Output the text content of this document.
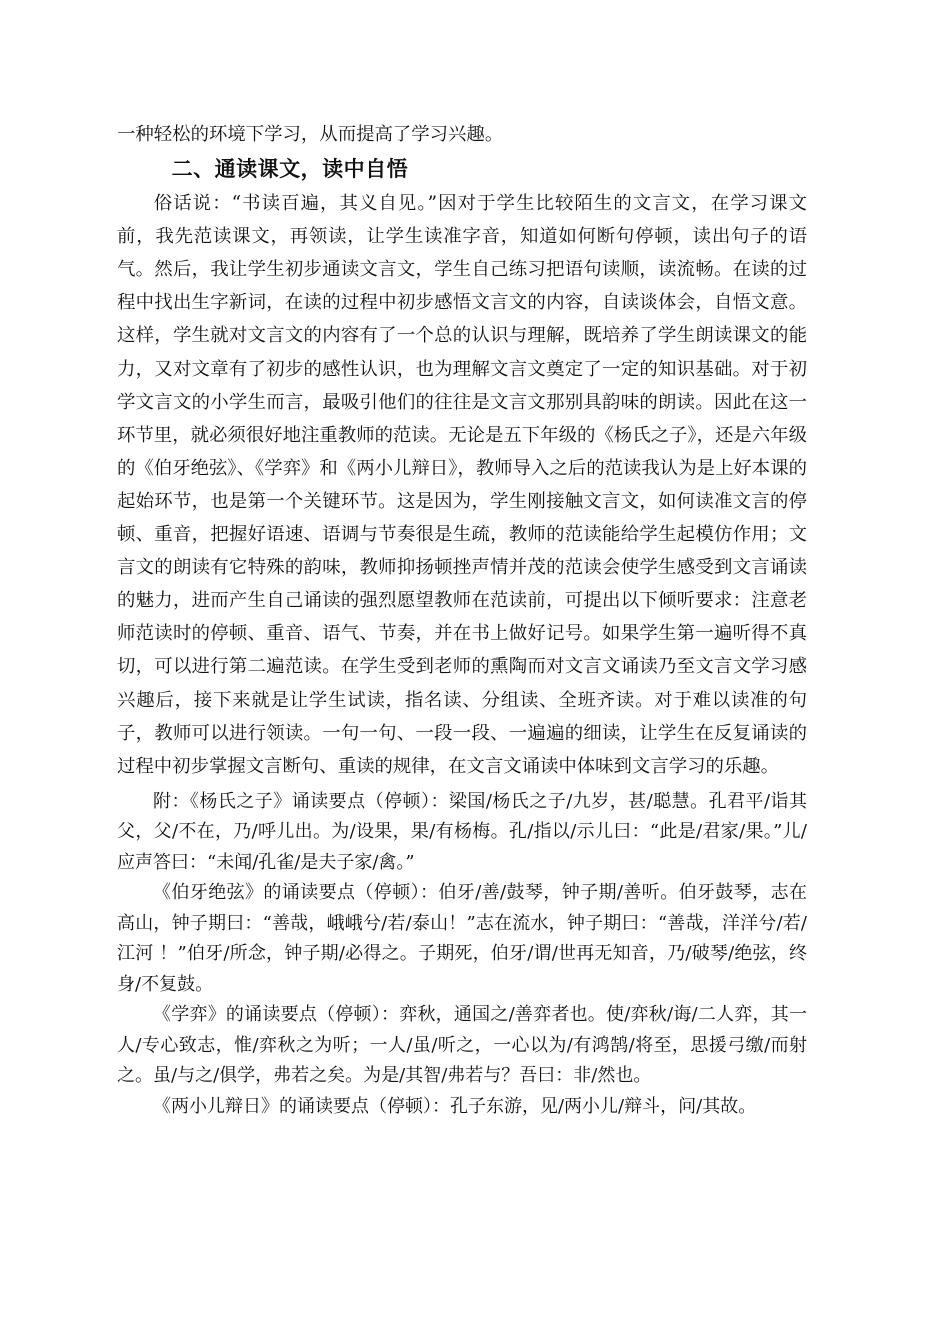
一种轻松的环境下学习，从而提高了学习兴趣。

二、通读课文，读中自悟

俗话说：“书读百遍，其义自见。”因对于学生比较陌生的文言文，在学习课文前，我先范读课文，再领读，让学生读准字音，知道如何断句停顿，读出句子的语气。然后，我让学生初步通读文言文，学生自己练习把语句读顺，读流畅。在读的过程中找出生字新词，在读的过程中初步感悟文言文的内容，自读谈体会，自悟文意。这样，学生就对文言文的内容有了一个总的认识与理解，既培养了学生朗读课文的能力，又对文章有了初步的感性认识，也为理解文言文奠定了一定的知识基础。对于初学文言文的小学生而言，最吸引他们的往往是文言文那别具韵味的朗读。因此在这一环节里，就必须很好地注重教师的范读。无论是五下年级的《杨氏之子》，还是六年级的《伯牙绝弦》、《学弈》和《两小儿辩日》，教师导入之后的范读我认为是上好本课的起始环节，也是第一个关键环节。这是因为，学生刚接触文言文，如何读准文言的停顿、重音，把握好语速、语调与节奏很是生疏，教师的范读能给学生起模仿作用；文言文的朗读有它特殊的韵味，教师抑扬顿挫声情并茂的范读会使学生感受到文言诵读的魅力，进而产生自己诵读的强烈愿望教师在范读前，可提出以下倾听要求：注意老师范读时的停顿、重音、语气、节奏，并在书上做好记号。如果学生第一遍听得不真切，可以进行第二遍范读。在学生受到老师的熏陶而对文言文诵读乃至文言文学习感兴趣后，接下来就是让学生试读，指名读、分组读、全班齐读。对于难以读准的句子，教师可以进行领读。一句一句、一段一段、一遍遍的细读，让学生在反复诵读的过程中初步掌握文言断句、重读的规律，在文言文诵读中体味到文言学习的乐趣。

附：《杨氏之子》诵读要点（停顿）：梁国/杨氏之子/九岁，甚/聪慧。孔君平/诣其父，父/不在，乃/呼儿出。为/设果，果/有杨梅。孔/指以/示儿曰：“此是/君家/果。”儿/应声答曰：“未闻/孔雀/是夫子家/禽。”

《伯牙绝弦》的诵读要点（停顿）：伯牙/善/鼓琴，钟子期/善听。伯牙鼓琴，志在高山，钟子期曰：“善哉，峨峨兮/若/泰山！”志在流水，钟子期曰：“善哉，洋洋兮/若/江河 ！”伯牙/所念，钟子期/必得之。子期死，伯牙/谓/世再无知音，乃/破琴/绝弦，终身/不复鼓。

《学弈》的诵读要点（停顿）：弈秋，通国之/善弈者也。使/弈秋/诲/二人弈，其一人/专心致志，惟/弈秋之为听；一人/虽/听之，一心以为/有鸿鹄/将至，思援弓缴/而射之。虽/与之/俱学，弗若之矣。为是/其智/弗若与？吾曰：非/然也。

《两小儿辩日》的诵读要点（停顿）：孔子东游，见/两小儿/辩斗，问/其故。
